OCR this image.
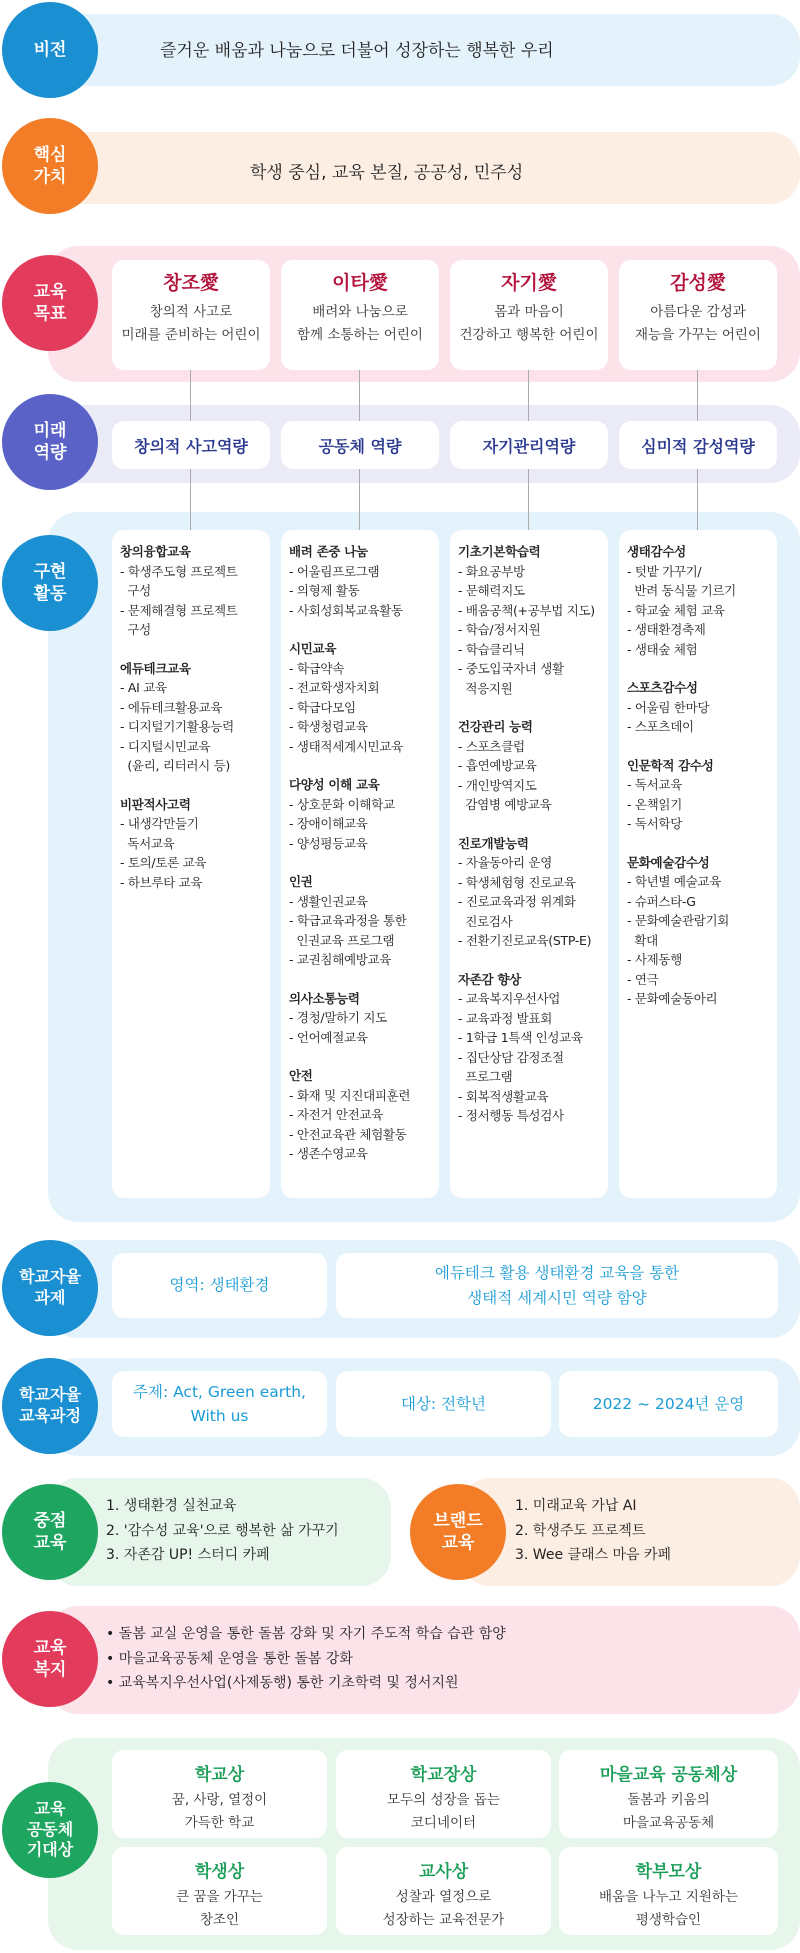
비전	즐거운 배움과 나눔으로 더불어 성장하는 행복한 우리
핵심
가치	학생 중심, 교육 본질, 공공성, 민주성
교육
목표
창조愛
창의적 사고로
미래를 준비하는 어린이
이타愛
배려와 나눔으로
함께 소통하는 어린이
자기愛
몸과 마음이
건강하고 행복한 어린이
감성愛
아름다운 감성과
재능을 가꾸는 어린이
미래
역량	창의적 사고역량	공동체 역량	자기관리역량	심미적 감성역량
구현
활동
창의융합교육
- 학생주도형 프로젝트
구성
- 문제해결형 프로젝트
구성
에듀테크교육
- AI 교육
- 에듀테크활용교육
- 디지털기기활용능력
- 디지털시민교육
(윤리, 리터러시 등)
비판적사고력
- 내생각만들기
독서교육
- 토의/토론 교육
- 하브루타 교육
배려 존중 나눔
- 어울림프로그램
- 의형제 활동
- 사회성회복교육활동
시민교육
- 학급약속
- 전교학생자치회
- 학급다모임
- 학생청렴교육
- 생태적세계시민교육
다양성 이해 교육
- 상호문화 이해학교
- 장애이해교육
- 양성평등교육
인권
- 생활인권교육
- 학급교육과정을 통한
인권교육 프로그램
- 교권침해예방교육
의사소통능력
- 경청/말하기 지도
- 언어예절교육
안전
- 화재 및 지진대피훈련
- 자전거 안전교육
- 안전교육관 체험활동
- 생존수영교육
기초기본학습력
- 화요공부방
- 문해력지도
- 배움공책(+공부법 지도)
- 학습/정서지원
- 학습클리닉
- 중도입국자녀 생활
적응지원
건강관리 능력
- 스포츠클럽
- 흡연예방교육
- 개인방역지도
감염병 예방교육
진로개발능력
- 자율동아리 운영
- 학생체험형 진로교육
- 진로교육과정 위계화
진로검사
- 전환기진로교육(STP-E)
자존감 향상
- 교육복지우선사업
- 교육과정 발표회
- 1학급 1특색 인성교육
- 집단상담 감정조절
프로그램
- 회복적생활교육
- 정서행동 특성검사
생태감수성
- 텃밭 가꾸기/
반려 동식물 기르기
- 학교숲 체험 교육
- 생태환경축제
- 생태숲 체험
스포츠감수성
- 어울림 한마당
- 스포츠데이
인문학적 감수성
- 독서교육
- 온책읽기
- 독서학당
문화예술감수성
- 학년별 예술교육
- 슈퍼스타-G
- 문화예술관람기회
확대
- 사제동행
- 연극
- 문화예술동아리
학교자율
과제
영역: 생태환경
에듀테크 활용 생태환경 교육을 통한
생태적 세계시민 역량 함양
학교자율
교육과정
주제: Act, Green earth,
With us
대상: 전학년	2022 ~ 2024년 운영
중점
교육
1. 생태환경 실천교육
2. '감수성 교육'으로 행복한 삶 가꾸기
3. 자존감 UP! 스터디 카페
브랜드
교육
1. 미래교육 가납 AI
2. 학생주도 프로젝트
3. Wee 클래스 마음 카페
교육
복지
• 돌봄 교실 운영을 통한 돌봄 강화 및 자기 주도적 학습 습관 함양
• 마을교육공동체 운영을 통한 돌봄 강화
• 교육복지우선사업(사제동행) 통한 기초학력 및 정서지원
교육
공동체
기대상
학교상
꿈, 사랑, 열정이
가득한 학교
학교장상
모두의 성장을 돕는
코디네이터
마을교육 공동체상
돌봄과 키움의
마을교육공동체
학생상
큰 꿈을 가꾸는
창조인
교사상
성찰과 열정으로
성장하는 교육전문가
학부모상
배움을 나누고 지원하는
평생학습인
